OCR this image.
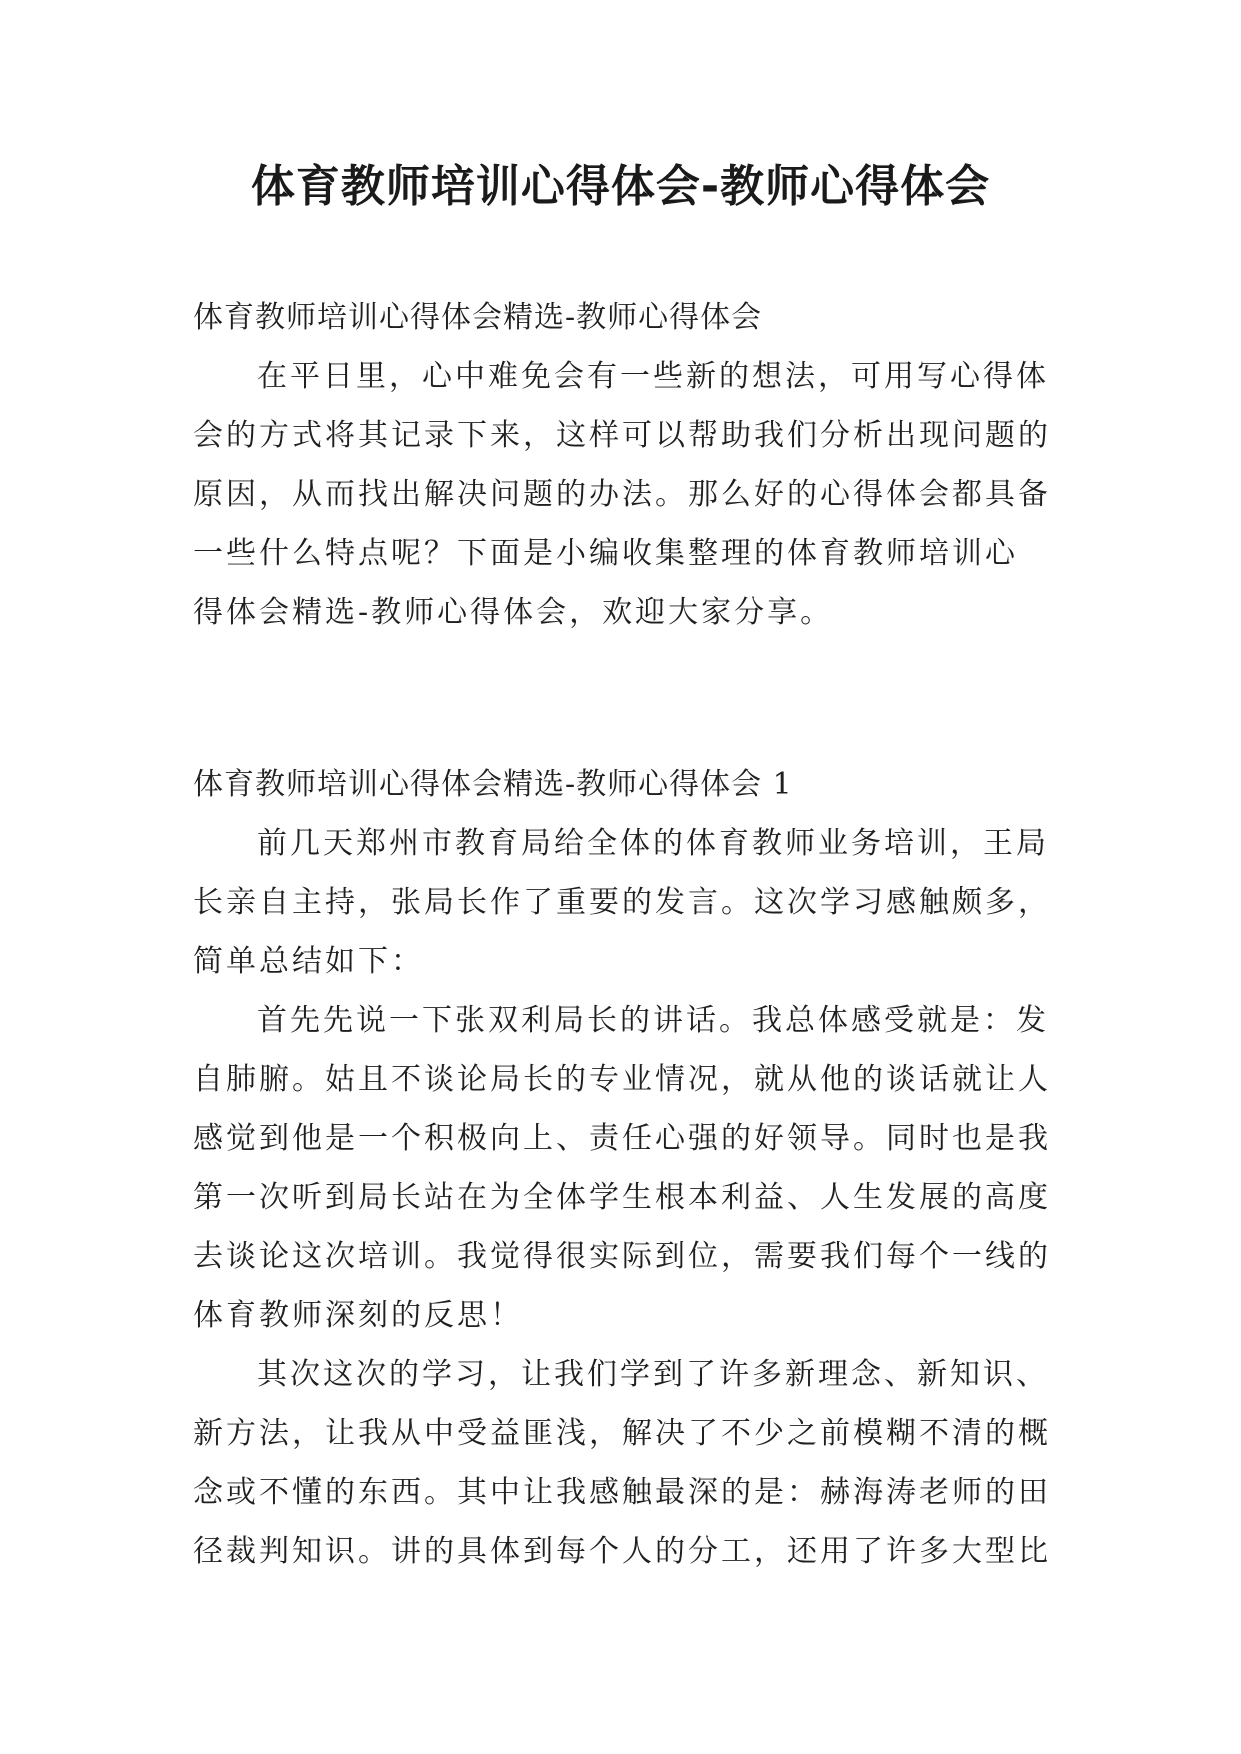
体育教师培训心得体会-教师心得体会
体育教师培训心得体会精选-教师心得体会
在平日里，心中难免会有一些新的想法，可用写心得体
会的方式将其记录下来，这样可以帮助我们分析出现问题的
原因，从而找出解决问题的办法。那么好的心得体会都具备
一些什么特点呢？下面是小编收集整理的体育教师培训心
得体会精选-教师心得体会，欢迎大家分享。
体育教师培训心得体会精选-教师心得体会 1
前几天郑州市教育局给全体的体育教师业务培训，王局
长亲自主持，张局长作了重要的发言。这次学习感触颇多，
简单总结如下：
首先先说一下张双利局长的讲话。我总体感受就是：发
自肺腑。姑且不谈论局长的专业情况，就从他的谈话就让人
感觉到他是一个积极向上、责任心强的好领导。同时也是我
第一次听到局长站在为全体学生根本利益、人生发展的高度
去谈论这次培训。我觉得很实际到位，需要我们每个一线的
体育教师深刻的反思！
其次这次的学习，让我们学到了许多新理念、新知识、
新方法，让我从中受益匪浅，解决了不少之前模糊不清的概
念或不懂的东西。其中让我感触最深的是：赫海涛老师的田
径裁判知识。讲的具体到每个人的分工，还用了许多大型比
